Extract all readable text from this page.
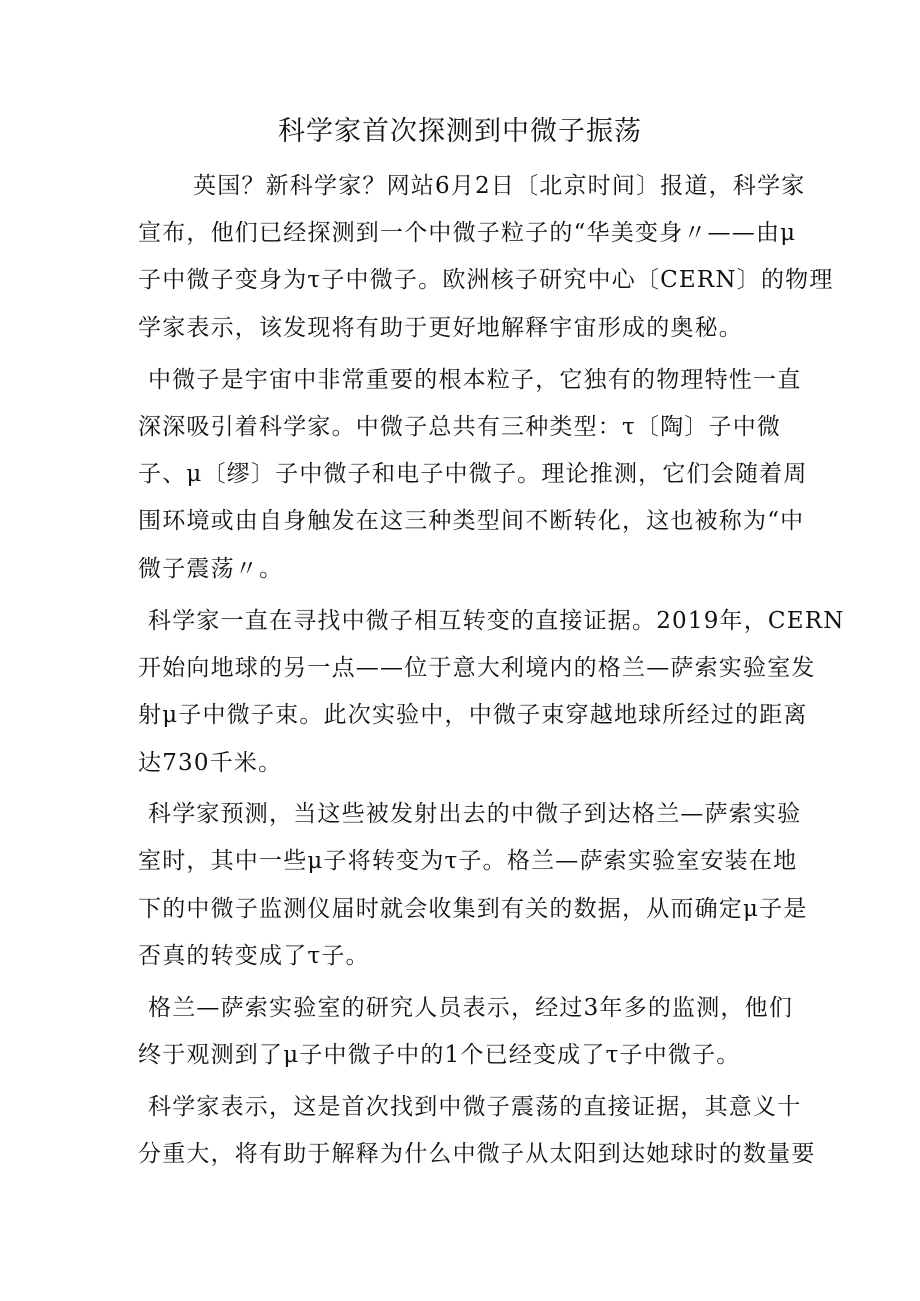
科学家首次探测到中微子振荡

英国？新科学家？网站6月2日〔北京时间〕报道，科学家

宣布，他们已经探测到一个中微子粒子的“华美变身〃——由μ

子中微子变身为τ子中微子。欧洲核子研究中心〔CERN〕的物理

学家表示，该发现将有助于更好地解释宇宙形成的奥秘。

中微子是宇宙中非常重要的根本粒子，它独有的物理特性一直

深深吸引着科学家。中微子总共有三种类型：τ〔陶〕子中微

子、μ〔缪〕子中微子和电子中微子。理论推测，它们会随着周

围环境或由自身触发在这三种类型间不断转化，这也被称为“中

微子震荡〃。

科学家一直在寻找中微子相互转变的直接证据。2019年，CERN

开始向地球的另一点——位于意大利境内的格兰—萨索实验室发

射μ子中微子束。此次实验中，中微子束穿越地球所经过的距离

达730千米。

科学家预测，当这些被发射出去的中微子到达格兰—萨索实验

室时，其中一些μ子将转变为τ子。格兰—萨索实验室安装在地

下的中微子监测仪届时就会收集到有关的数据，从而确定μ子是

否真的转变成了τ子。

格兰—萨索实验室的研究人员表示，经过3年多的监测，他们

终于观测到了μ子中微子中的1个已经变成了τ子中微子。

科学家表示，这是首次找到中微子震荡的直接证据，其意义十

分重大，将有助于解释为什么中微子从太阳到达她球时的数量要
